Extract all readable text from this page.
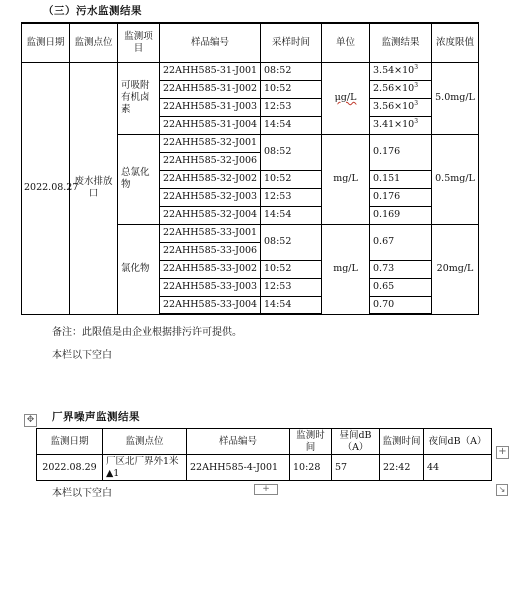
（三）污水监测结果
监测日期	监测点位	监测项目	样品编号	采样时间	单位	监测结果	浓度限值
2022.08.27	废水排放口	可吸附有机卤素	22AHH585-31-J001	08:52	μg/L	$3.54\times 10^3$	5.0mg/L
			22AHH585-31-J002	10:52		$2.56\times 10^3$
			22AHH585-31-J003	12:53		$3.56\times 10^3$
			22AHH585-31-J004	14:54		$3.41\times 10^3$
		总氯化物	22AHH585-32-J001	08:52	mg/L	0.176	0.5mg/L
			22AHH585-32-J006				
			22AHH585-32-J002	10:52		0.151	
			22AHH585-32-J003	12:53		0.176	
			22AHH585-32-J004	14:54		0.169	
		氯化物	22AHH585-33-J001	08:52	mg/L	0.67	20mg/L
			22AHH585-33-J006				
			22AHH585-33-J002	10:52		0.73	
			22AHH585-33-J003	12:53		0.65	
			22AHH585-33-J004	14:54		0.70	
备注：此限值是由企业根据排污许可提供。
本栏以下空白
✥ 厂界噪声监测结果
监测日期	监测点位	样品编号	监测时间	昼间dB（A）	监测时间	夜间dB（A）
2022.08.29	厂区北厂界外1米▲1	22AHH585-4-J001	10:28	57	22:42	44
+
+	↘
本栏以下空白
